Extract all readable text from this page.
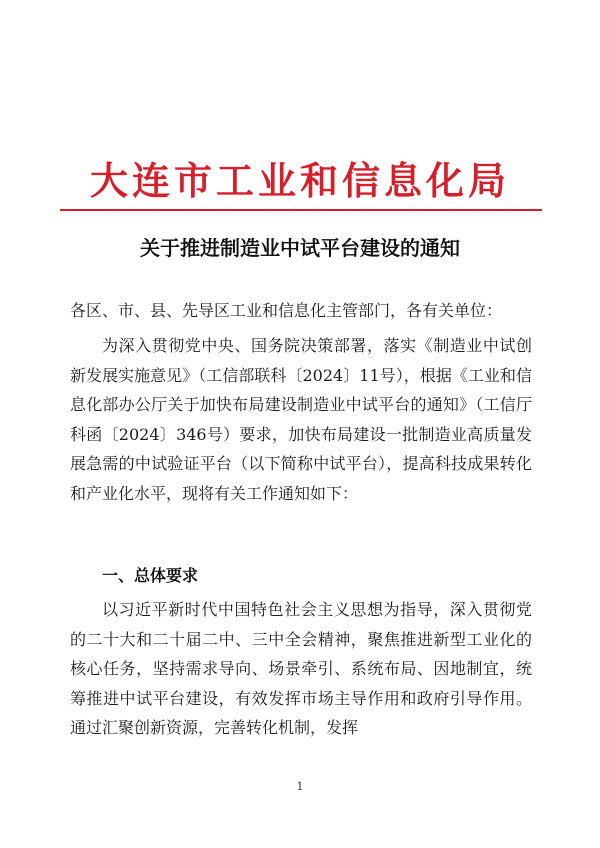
大连市工业和信息化局
关于推进制造业中试平台建设的通知
各区、市、县、先导区工业和信息化主管部门，各有关单位：

为深入贯彻党中央、国务院决策部署，落实《制造业中试创新发展实施意见》（工信部联科〔2024〕11号），根据《工业和信息化部办公厅关于加快布局建设制造业中试平台的通知》（工信厅科函〔2024〕346号）要求，加快布局建设一批制造业高质量发展急需的中试验证平台（以下简称中试平台），提高科技成果转化和产业化水平，现将有关工作通知如下：

一、总体要求

以习近平新时代中国特色社会主义思想为指导，深入贯彻党的二十大和二十届二中、三中全会精神，聚焦推进新型工业化的核心任务，坚持需求导向、场景牵引、系统布局、因地制宜，统筹推进中试平台建设，有效发挥市场主导作用和政府引导作用。通过汇聚创新资源，完善转化机制，发挥

1
